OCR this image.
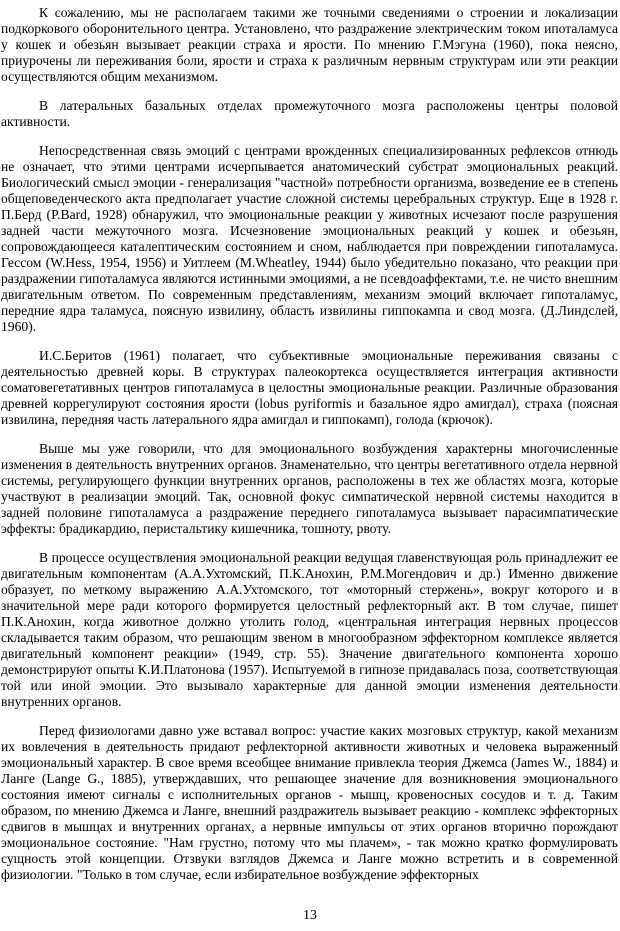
К сожалению, мы не располагаем такими же точными сведениями о строении и локализации подкоркового оборонительного центра. Установлено, что раздражение электрическим током ипоталамуса у кошек и обезьян вызывает реакции страха и ярости. По мнению Г.Мэгуна (1960), пока неясно, приурочены ли переживания боли, ярости и страха к различным нервным структурам или эти реакции осуществляются общим механизмом.

В латеральных базальных отделах промежуточного мозга расположены центры половой активности.

Непосредственная связь эмоций с центрами врожденных специализированных рефлексов отнюдь не означает, что этими центрами исчерпывается анатомический субстрат эмоциональных реакций. Биологический смысл эмоции - генерализация "частной» потребности организма, возведение ее в степень общеповеденческого акта предполагает участие сложной системы церебральных структур. Еще в 1928 г. П.Берд (P.Bard, 1928) обнаружил, что эмоциональные реакции у животных исчезают после разрушения задней части межуточного мозга. Исчезновение эмоциональных реакций у кошек и обезьян, сопровождающееся каталептическим состоянием и сном, наблюдается при повреждении гипоталамуса. Гессом (W.Hess, 1954, 1956) и Уитлеем (M.Wheatley, 1944) было убедительно показано, что реакции при раздражении гипоталамуса являются истинными эмоциями, а не псевдоаффектами, т.е. не чисто внешним двигательным ответом. По современным представлениям, механизм эмоций включает гипоталамус, передние ядра таламуса, поясную извилину, область извилины гиппокампа и свод мозга. (Д.Линдслей, 1960).

И.С.Беритов (1961) полагает, что субъективные эмоциональные переживания связаны с деятельностью древней коры. В структурах палеокортекса осуществляется интеграция активности соматовегетативных центров гипоталамуса в целостны эмоциональные реакции. Различные образования древней коррегулируют состояния ярости (lobus pyriformis и базальное ядро амигдал), страха (поясная извилина, передняя часть латерального ядра амигдал и гиппокамп), голода (крючок).

Выше мы уже говорили, что для эмоционального возбуждения характерны многочисленные изменения в деятельность внутренних органов. Знаменательно, что центры вегетативного отдела нервной системы, регулирующего функции внутренних органов, расположены в тех же областях мозга, которые участвуют в реализации эмоций. Так, основной фокус симпатической нервной системы находится в задней половине гипоталамуса а раздражение переднего гипоталамуса вызывает парасимпатические эффекты: брадикардию, перистальтику кишечника, тошноту, рвоту.

В процессе осуществления эмоциональной реакции ведущая главенствующая роль принадлежит ее двигательным компонентам (А.А.Ухтомский, П.К.Анохин, Р.М.Могендович и др.) Именно движение образует, по меткому выражению А.А.Ухтомского, тот «моторный стержень», вокруг которого и в значительной мере ради которого формируется целостный рефлекторный акт. В том случае, пишет П.К.Анохин, когда животное должно утолить голод, «центральная интеграция нервных процессов складывается таким образом, что решающим звеном в многообразном эффекторном комплексе является двигательный компонент реакции» (1949, стр. 55). Значение двигательного компонента хорошо демонстрируют опыты К.И.Платонова (1957). Испытуемой в гипнозе придавалась поза, соответствующая той или иной эмоции. Это вызывало характерные для данной эмоции изменения деятельности внутренних органов.

Перед физиологами давно уже вставал вопрос: участие каких мозговых структур, какой механизм их вовлечения в деятельность придают рефлекторной активности животных и человека выраженный эмоциональный характер. В свое время всеобщее внимание привлекла теория Джемса (James W., 1884) и Ланге (Lange G., 1885), утверждавших, что решающее значение для возникновения эмоционального состояния имеют сигналы с исполнительных органов - мышц, кровеносных сосудов и т. д. Таким образом, по мнению Джемса и Ланге, внешний раздражитель вызывает реакцию - комплекс эффекторных сдвигов в мышцах и внутренних органах, а нервные импульсы от этих органов вторично порождают эмоциональное состояние. "Нам грустно, потому что мы плачем», - так можно кратко формулировать сущность этой концепции. Отзвуки взглядов Джемса и Ланге можно встретить и в современной физиологии. "Только в том случае, если избирательное возбуждение эффекторных

13
